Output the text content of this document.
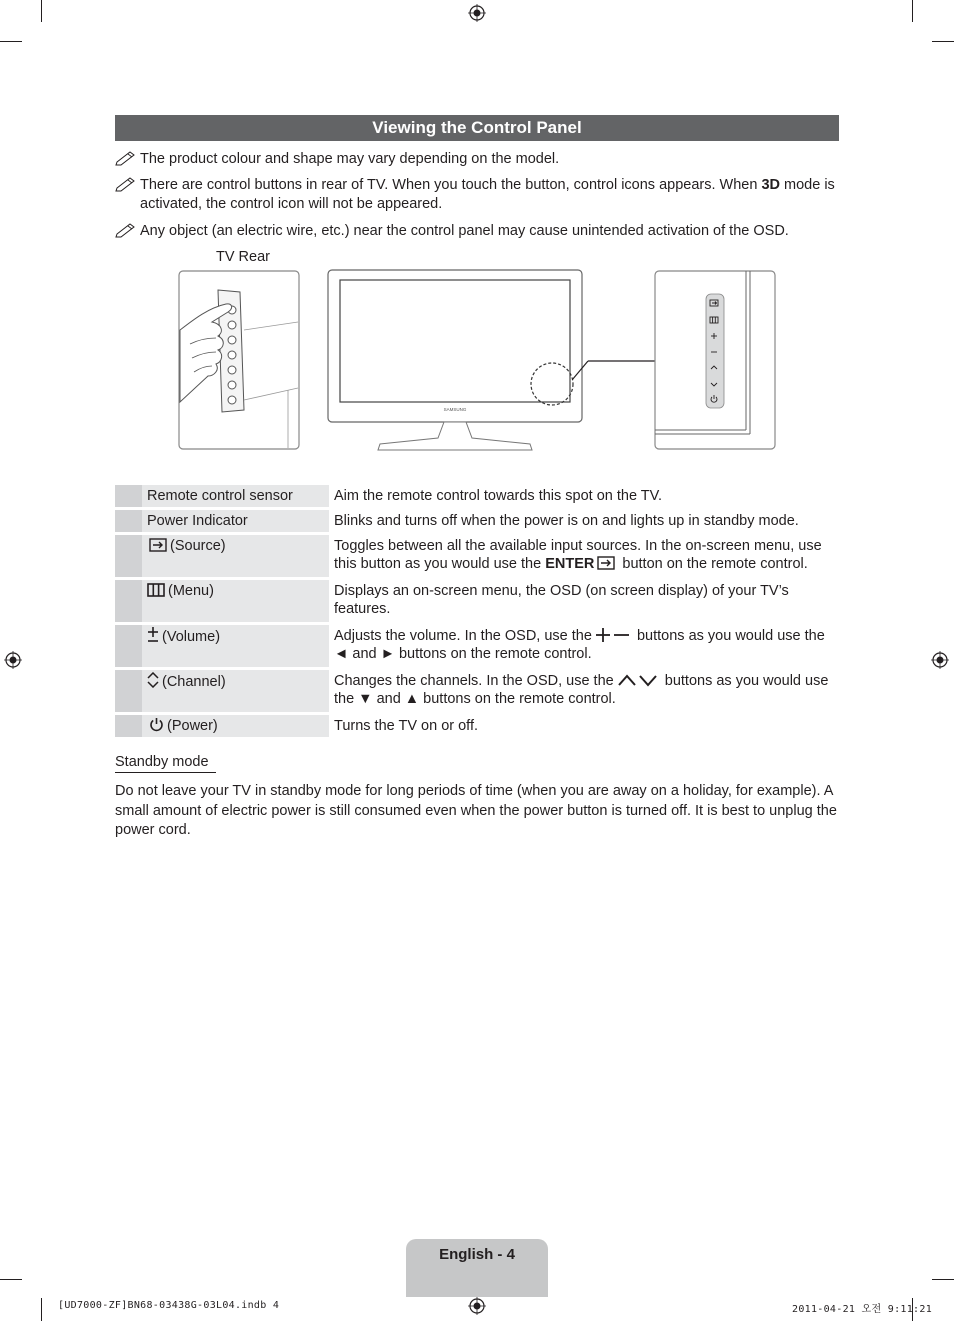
Viewing the Control Panel
The product colour and shape may vary depending on the model.
There are control buttons in rear of TV. When you touch the button, control icons appears. When 3D mode is activated, the control icon will not be appeared.
Any object (an electric wire, etc.) near the control panel may cause unintended activation of the OSD.
TV Rear
SAMSUNG
	Remote control sensor	Aim the remote control towards this spot on the TV.
	Power Indicator	Blinks and turns off when the power is on and lights up in standby mode.
	(Source)	Toggles between all the available input sources. In the on-screen menu, use this button as you would use the ENTER button on the remote control.
	(Menu)	Displays an on-screen menu, the OSD (on screen display) of your TV’s features.
	(Volume)	Adjusts the volume. In the OSD, use the buttons as you would use the ◄ and ► buttons on the remote control.
	(Channel)	Changes the channels. In the OSD, use the buttons as you would use the ▼ and ▲ buttons on the remote control.
	(Power)	Turns the TV on or off.
Standby mode
Do not leave your TV in standby mode for long periods of time (when you are away on a holiday, for example). A small amount of electric power is still consumed even when the power button is turned off. It is best to unplug the power cord.
English - 4
[UD7000-ZF]BN68-03438G-03L04.indb 4	2011-04-21 오전 9:11:21
